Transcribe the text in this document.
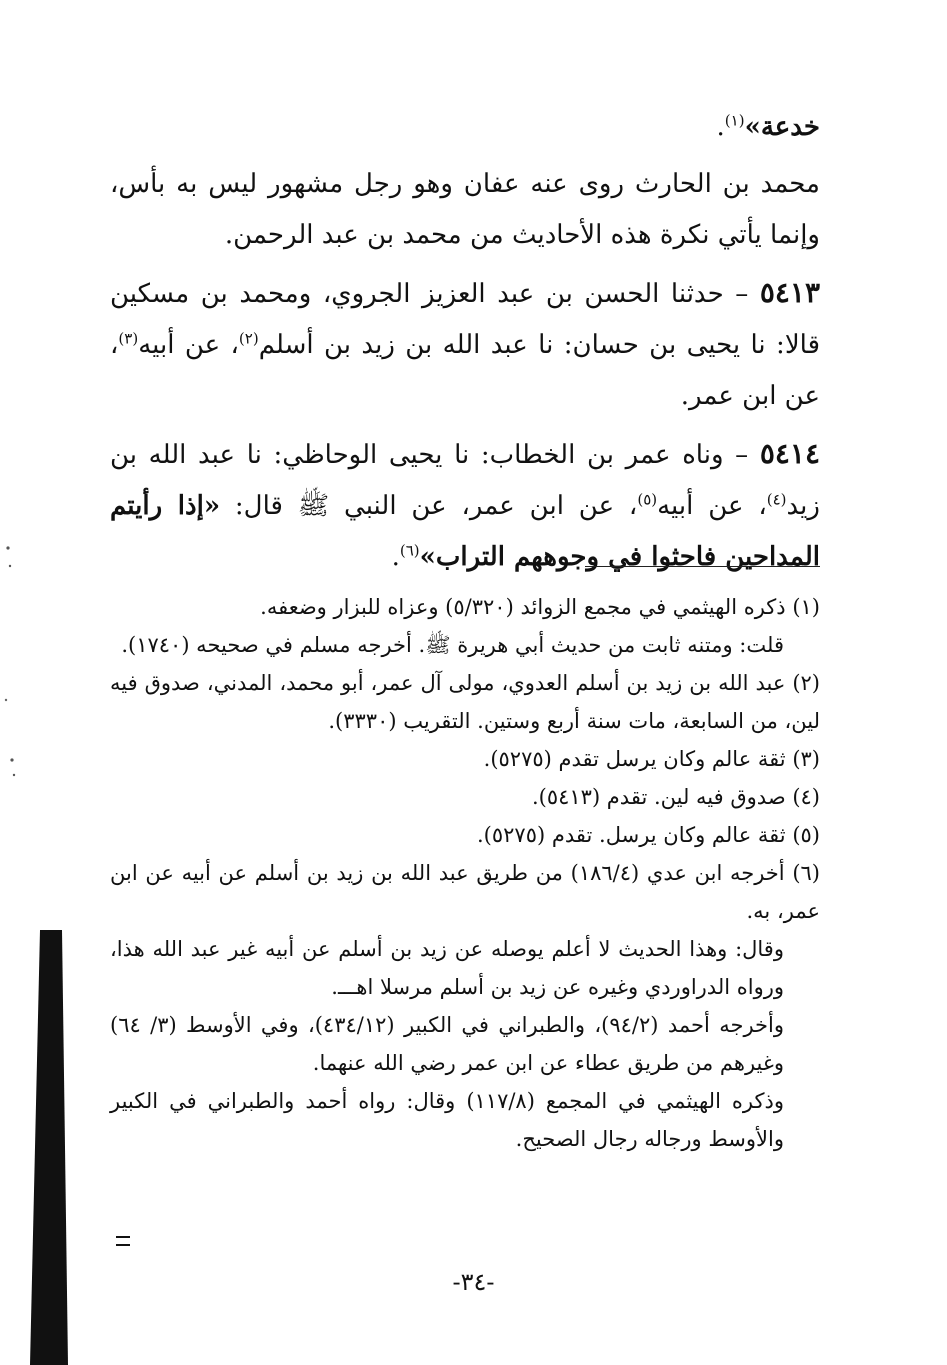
خدعة»$^{(١)}$.

محمد بن الحارث روى عنه عفان وهو رجل مشهور ليس به بأس، وإنما يأتي نكرة هذه الأحاديث من محمد بن عبد الرحمن.

٥٤١٣ – حدثنا الحسن بن عبد العزيز الجروي، ومحمد بن مسكين قالا: نا يحيى بن حسان: نا عبد الله بن زيد بن أسلم$^{(٢)}$، عن أبيه$^{(٣)}$، عن ابن عمر.

٥٤١٤ – وناه عمر بن الخطاب: نا يحيى الوحاظي: نا عبد الله بن زيد$^{(٤)}$، عن أبيه$^{(٥)}$، عن ابن عمر، عن النبي ﷺ قال: «إذا رأيتم المداحين فاحثوا في وجوههم التراب»$^{(٦)}$.

(١) ذكره الهيثمي في مجمع الزوائد (٥/٣٢٠) وعزاه للبزار وضعفه.

قلت: ومتنه ثابت من حديث أبي هريرة ﷺ. أخرجه مسلم في صحيحه (١٧٤٠).

(٢) عبد الله بن زيد بن أسلم العدوي، مولى آل عمر، أبو محمد، المدني، صدوق فيه لين، من السابعة، مات سنة أربع وستين. التقريب (٣٣٣٠).

(٣) ثقة عالم وكان يرسل تقدم (٥٢٧٥).

(٤) صدوق فيه لين. تقدم (٥٤١٣).

(٥) ثقة عالم وكان يرسل. تقدم (٥٢٧٥).

(٦) أخرجه ابن عدي (١٨٦/٤) من طريق عبد الله بن زيد بن أسلم عن أبيه عن ابن عمر، به.

وقال: وهذا الحديث لا أعلم يوصله عن زيد بن أسلم عن أبيه غير عبد الله هذا، ورواه الدراوردي وغيره عن زيد بن أسلم مرسلا اهـــ.

وأخرجه أحمد (٩٤/٢)، والطبراني في الكبير (٤٣٤/١٢)، وفي الأوسط (٣/ ٦٤) وغيرهم من طريق عطاء عن ابن عمر رضي الله عنهما.

وذكره الهيثمي في المجمع (١١٧/٨) وقال: رواه أحمد والطبراني في الكبير والأوسط ورجاله رجال الصحيح.

-٣٤-
